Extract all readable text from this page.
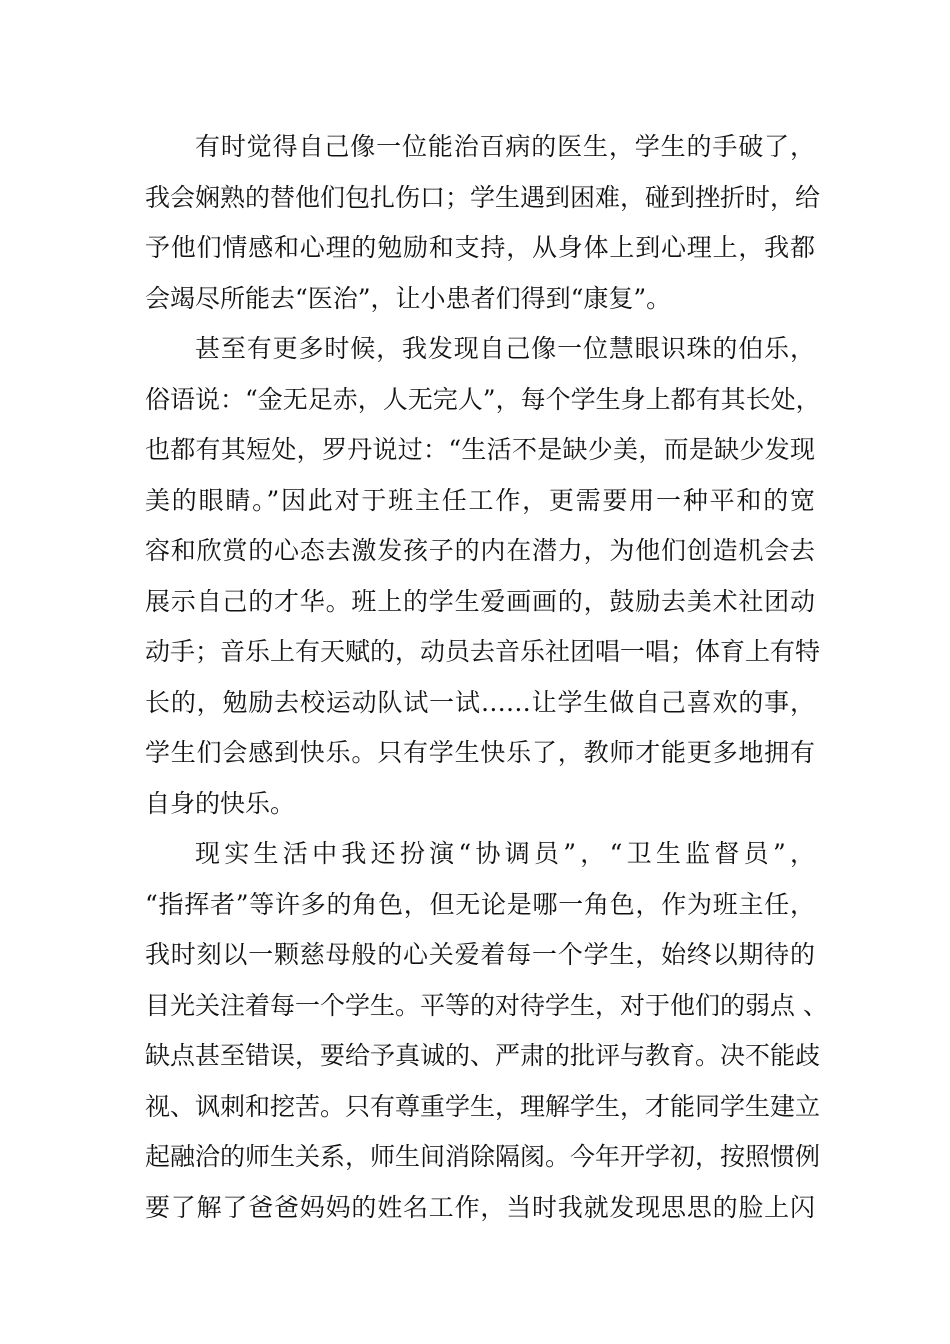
有时觉得自己像一位能治百病的医生，学生的手破了，
我会娴熟的替他们包扎伤口；学生遇到困难，碰到挫折时，给
予他们情感和心理的勉励和支持，从身体上到心理上，我都
会竭尽所能去“医治”，让小患者们得到“康复”。
甚至有更多时候，我发现自己像一位慧眼识珠的伯乐，
俗语说：“金无足赤，人无完人”，每个学生身上都有其长处，
也都有其短处，罗丹说过：“生活不是缺少美，而是缺少发现
美的眼睛。”因此对于班主任工作，更需要用一种平和的宽
容和欣赏的心态去激发孩子的内在潜力，为他们创造机会去
展示自己的才华。班上的学生爱画画的，鼓励去美术社团动
动手；音乐上有天赋的，动员去音乐社团唱一唱；体育上有特
长的，勉励去校运动队试一试……让学生做自己喜欢的事，
学生们会感到快乐。只有学生快乐了，教师才能更多地拥有
自身的快乐。
现实生活中我还扮演“协调员”，“卫生监督员”，
“指挥者”等许多的角色，但无论是哪一角色，作为班主任，
我时刻以一颗慈母般的心关爱着每一个学生，始终以期待的
目光关注着每一个学生。平等的对待学生，对于他们的弱点 、
缺点甚至错误，要给予真诚的、严肃的批评与教育。决不能歧
视、讽刺和挖苦。只有尊重学生，理解学生，才能同学生建立
起融洽的师生关系，师生间消除隔阂。今年开学初，按照惯例
要了解了爸爸妈妈的姓名工作，当时我就发现思思的脸上闪
